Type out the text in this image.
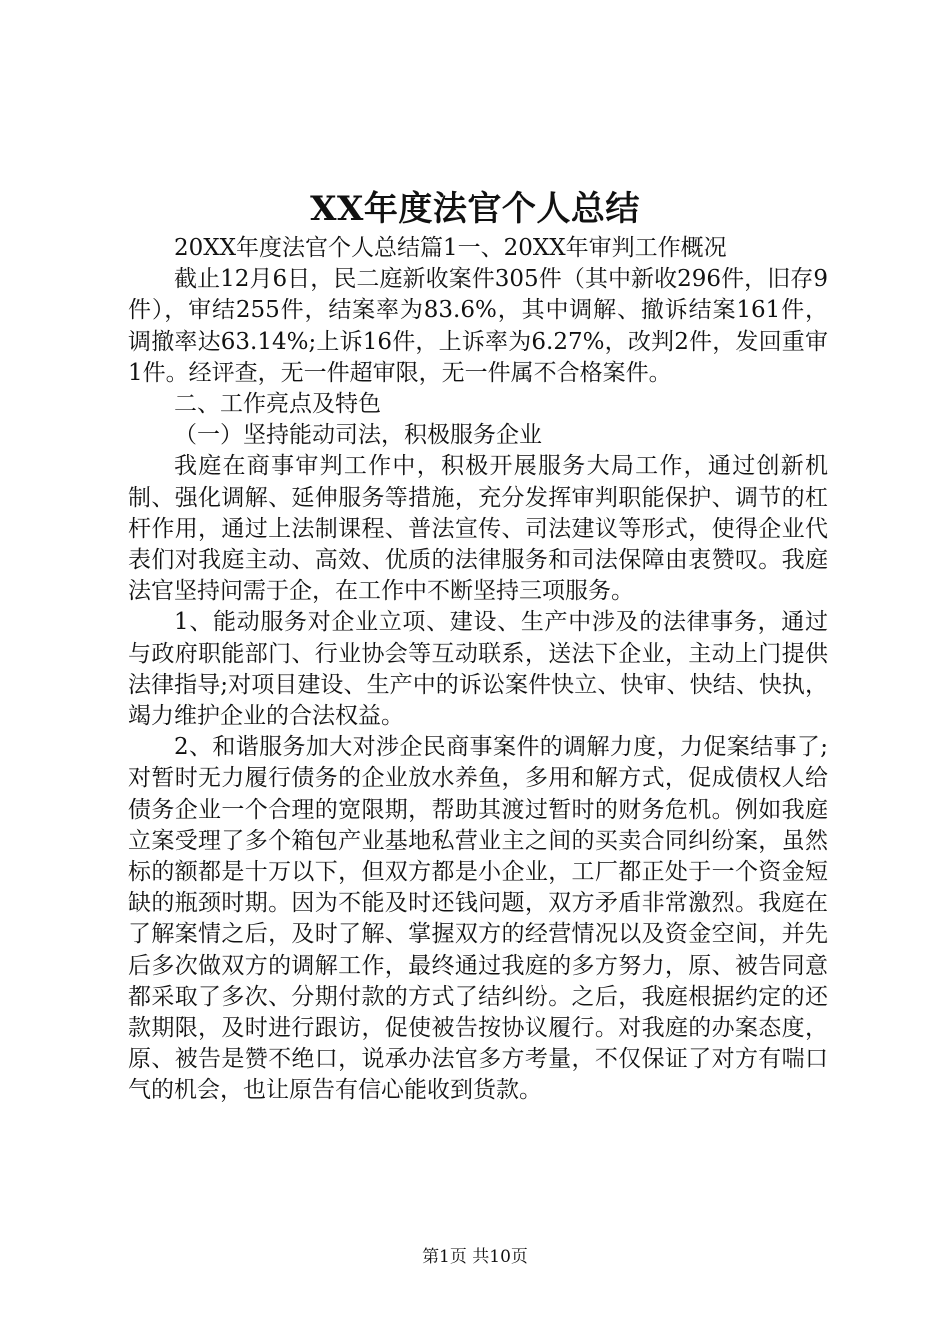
XX年度法官个人总结

20XX年度法官个人总结篇1一、20XX年审判工作概况

截止12月6日，民二庭新收案件305件（其中新收296件，旧存9件），审结255件，结案率为83.6%，其中调解、撤诉结案161件，调撤率达63.14%;上诉16件，上诉率为6.27%，改判2件，发回重审1件。经评查，无一件超审限，无一件属不合格案件。

二、工作亮点及特色

（一）坚持能动司法，积极服务企业

我庭在商事审判工作中，积极开展服务大局工作，通过创新机制、强化调解、延伸服务等措施，充分发挥审判职能保护、调节的杠杆作用，通过上法制课程、普法宣传、司法建议等形式，使得企业代表们对我庭主动、高效、优质的法律服务和司法保障由衷赞叹。我庭法官坚持问需于企，在工作中不断坚持三项服务。

1、能动服务对企业立项、建设、生产中涉及的法律事务，通过与政府职能部门、行业协会等互动联系，送法下企业，主动上门提供法律指导;对项目建设、生产中的诉讼案件快立、快审、快结、快执，竭力维护企业的合法权益。

2、和谐服务加大对涉企民商事案件的调解力度，力促案结事了;对暂时无力履行债务的企业放水养鱼，多用和解方式，促成债权人给债务企业一个合理的宽限期，帮助其渡过暂时的财务危机。例如我庭立案受理了多个箱包产业基地私营业主之间的买卖合同纠纷案，虽然标的额都是十万以下，但双方都是小企业，工厂都正处于一个资金短缺的瓶颈时期。因为不能及时还钱问题，双方矛盾非常激烈。我庭在了解案情之后，及时了解、掌握双方的经营情况以及资金空间，并先后多次做双方的调解工作，最终通过我庭的多方努力，原、被告同意都采取了多次、分期付款的方式了结纠纷。之后，我庭根据约定的还款期限，及时进行跟访，促使被告按协议履行。对我庭的办案态度，原、被告是赞不绝口，说承办法官多方考量，不仅保证了对方有喘口气的机会，也让原告有信心能收到货款。

第1页 共10页
